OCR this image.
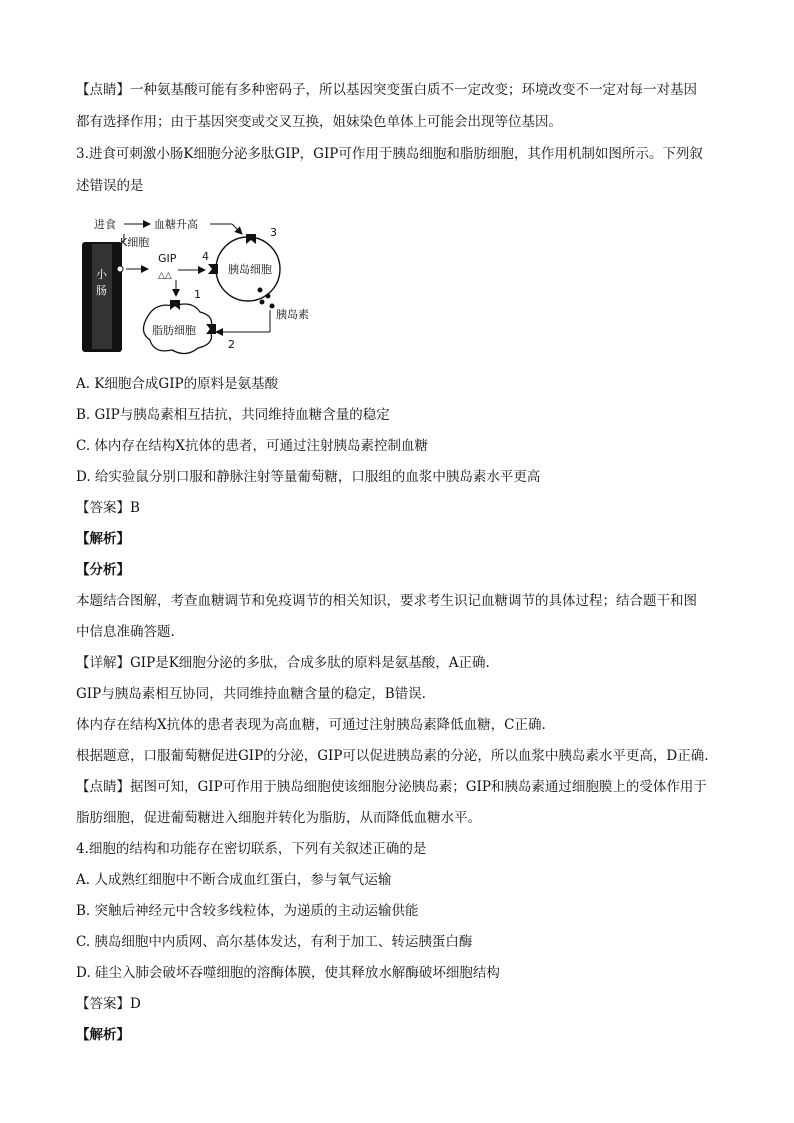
【点睛】一种氨基酸可能有多种密码子，所以基因突变蛋白质不一定改变；环境改变不一定对每一对基因
都有选择作用；由于基因突变或交叉互换，姐妹染色单体上可能会出现等位基因。
3.进食可刺激小肠K细胞分泌多肽GIP，GIP可作用于胰岛细胞和脂肪细胞，其作用机制如图所示。下列叙
述错误的是
小
肠
进食	血糖升高
K细胞
GIP
△△	胰岛细胞
3
4
胰岛素
脂肪细胞
1
2
A. K细胞合成GIP的原料是氨基酸
B. GIP与胰岛素相互拮抗，共同维持血糖含量的稳定
C. 体内存在结构X抗体的患者，可通过注射胰岛素控制血糖
D. 给实验鼠分别口服和静脉注射等量葡萄糖，口服组的血浆中胰岛素水平更高
【答案】B
【解析】
【分析】
本题结合图解，考查血糖调节和免疫调节的相关知识，要求考生识记血糖调节的具体过程；结合题干和图
中信息准确答题.
【详解】GIP是K细胞分泌的多肽，合成多肽的原料是氨基酸，A正确.
GIP与胰岛素相互协同，共同维持血糖含量的稳定，B错误.
体内存在结构X抗体的患者表现为高血糖，可通过注射胰岛素降低血糖，C正确.
根据题意，口服葡萄糖促进GIP的分泌，GIP可以促进胰岛素的分泌，所以血浆中胰岛素水平更高，D正确.
【点睛】据图可知，GIP可作用于胰岛细胞使该细胞分泌胰岛素；GIP和胰岛素通过细胞膜上的受体作用于
脂肪细胞，促进葡萄糖进入细胞并转化为脂肪，从而降低血糖水平。
4.细胞的结构和功能存在密切联系，下列有关叙述正确的是
A. 人成熟红细胞中不断合成血红蛋白，参与氧气运输
B. 突触后神经元中含较多线粒体，为递质的主动运输供能
C. 胰岛细胞中内质网、高尔基体发达，有利于加工、转运胰蛋白酶
D. 硅尘入肺会破坏吞噬细胞的溶酶体膜，使其释放水解酶破坏细胞结构
【答案】D
【解析】
